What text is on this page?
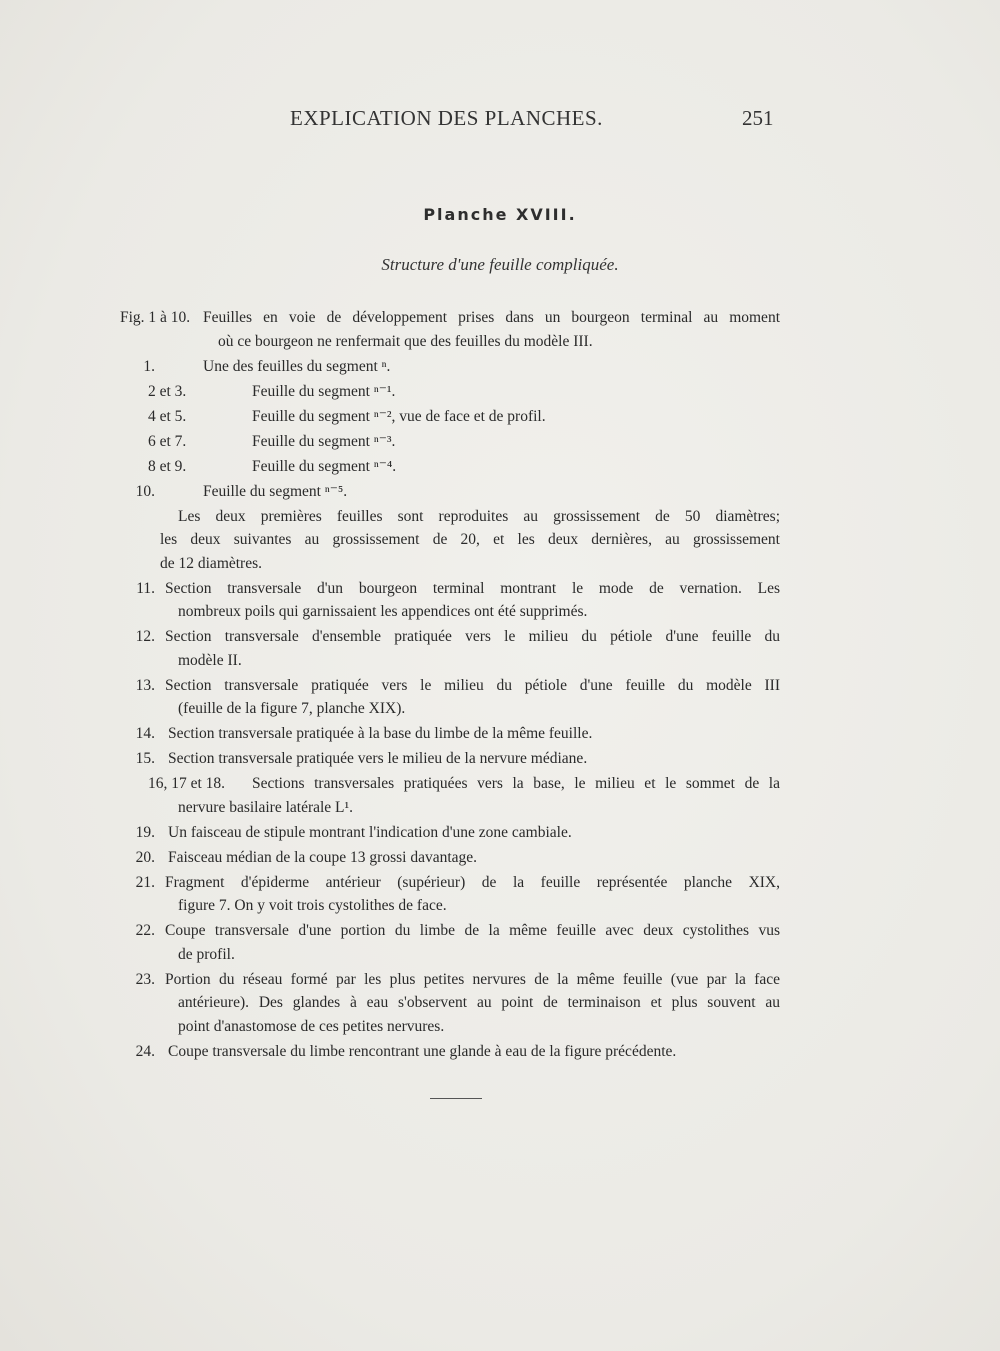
EXPLICATION DES PLANCHES.	251
Planche XVIII.
Structure d'une feuille compliquée.
Fig. 1 à 10. Feuilles en voie de développement prises dans un bourgeon terminal au moment
où ce bourgeon ne renfermait que des feuilles du modèle III.
1.	Une des feuilles du segment ⁿ.
2 et 3.	Feuille du segment ⁿ⁻¹.
4 et 5.	Feuille du segment ⁿ⁻², vue de face et de profil.
6 et 7.	Feuille du segment ⁿ⁻³.
8 et 9.	Feuille du segment ⁿ⁻⁴.
10.	Feuille du segment ⁿ⁻⁵.
Les deux premières feuilles sont reproduites au grossissement de 50 diamètres;
les deux suivantes au grossissement de 20, et les deux dernières, au grossissement
de 12 diamètres.
11. Section transversale d'un bourgeon terminal montrant le mode de vernation. Les
nombreux poils qui garnissaient les appendices ont été supprimés.
12. Section transversale d'ensemble pratiquée vers le milieu du pétiole d'une feuille du
modèle II.
13. Section transversale pratiquée vers le milieu du pétiole d'une feuille du modèle III
(feuille de la figure 7, planche XIX).
14. Section transversale pratiquée à la base du limbe de la même feuille.
15. Section transversale pratiquée vers le milieu de la nervure médiane.
16, 17 et 18. Sections transversales pratiquées vers la base, le milieu et le sommet de la
nervure basilaire latérale L¹.
19. Un faisceau de stipule montrant l'indication d'une zone cambiale.
20. Faisceau médian de la coupe 13 grossi davantage.
21. Fragment d'épiderme antérieur (supérieur) de la feuille représentée planche XIX,
figure 7. On y voit trois cystolithes de face.
22. Coupe transversale d'une portion du limbe de la même feuille avec deux cystolithes vus
de profil.
23. Portion du réseau formé par les plus petites nervures de la même feuille (vue par la face
antérieure). Des glandes à eau s'observent au point de terminaison et plus souvent au
point d'anastomose de ces petites nervures.
24. Coupe transversale du limbe rencontrant une glande à eau de la figure précédente.
